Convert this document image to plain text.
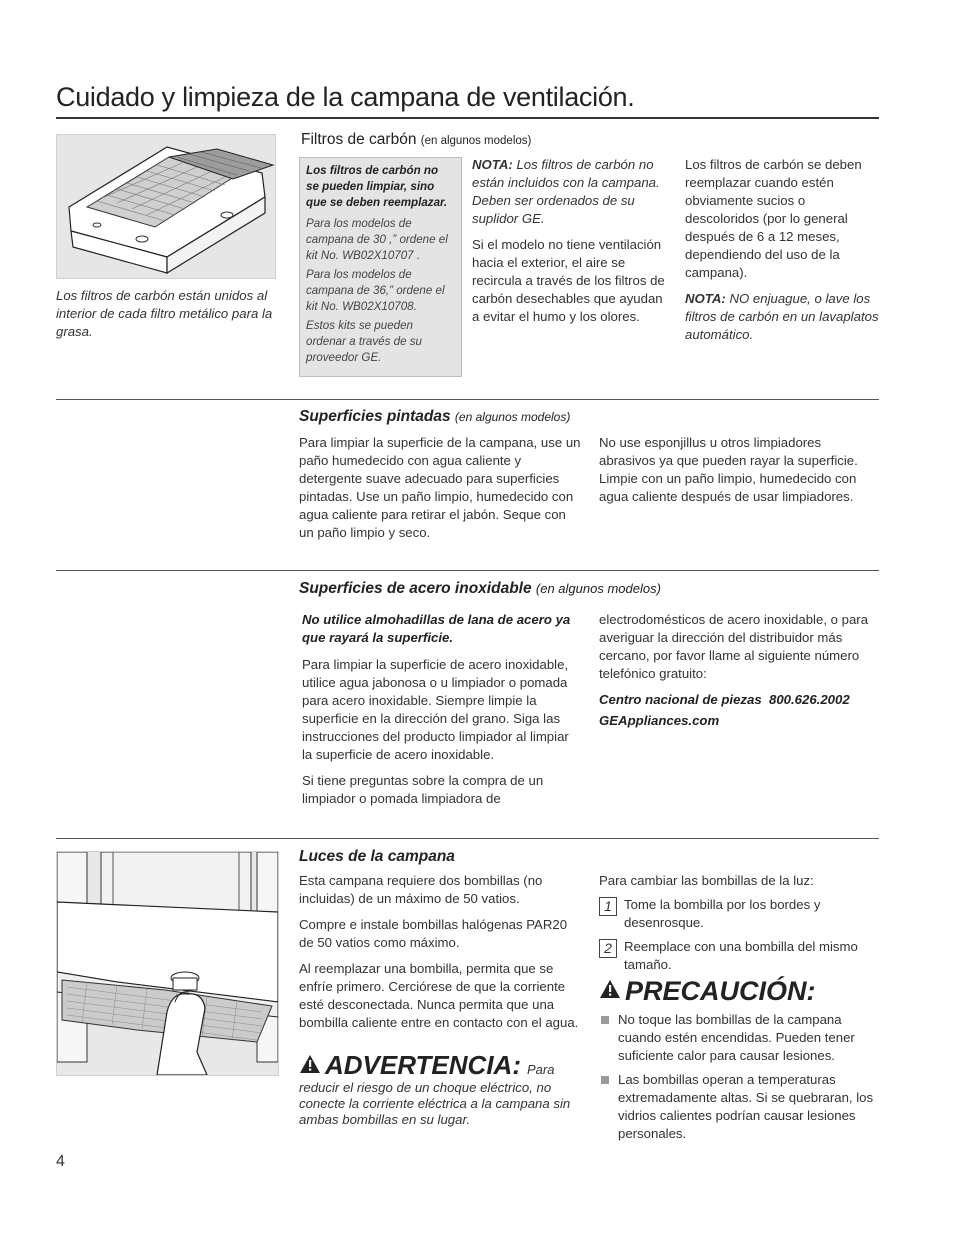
Cuidado y limpieza de la campana de ventilación.
Los filtros de carbón están unidos al interior de cada filtro metálico para la grasa.
Filtros de carbón (en algunos modelos)
Los filtros de carbón no se pueden limpiar, sino que se deben reemplazar.
Para los modelos de campana de 30 ,” ordene el kit No. WB02X10707 .
Para los modelos de campana de 36,” ordene el kit No. WB02X10708.
Estos kits se pueden ordenar a través de su proveedor GE.

NOTA: Los filtros de carbón no están incluidos con la campana. Deben ser ordenados de su suplidor GE.

Si el modelo no tiene ventilación hacia el exterior, el aire se recircula a través de los filtros de carbón desechables que ayudan a evitar el humo y los olores.

Los filtros de carbón se deben reemplazar cuando estén obviamente sucios o descoloridos (por lo general después de 6 a 12 meses, dependiendo del uso de la campana).

NOTA: NO enjuague, o lave los filtros de carbón en un lavaplatos automático.

Superficies pintadas (en algunos modelos)
Para limpiar la superficie de la campana, use un paño humedecido con agua caliente y detergente suave adecuado para superficies pintadas. Use un paño limpio, humedecido con agua caliente para retirar el jabón. Seque con un paño limpio y seco.
No use esponjillus u otros limpiadores abrasivos ya que pueden rayar la superficie. Limpie con un paño limpio, humedecido con agua caliente después de usar limpiadores.
Superficies de acero inoxidable (en algunos modelos)

No utilice almohadillas de lana de acero ya que rayará la superficie.

Para limpiar la superficie de acero inoxidable, utilice agua jabonosa o u limpiador o pomada para acero inoxidable. Siempre limpie la superficie en la dirección del grano. Siga las instrucciones del producto limpiador al limpiar la superficie de acero inoxidable.

Si tiene preguntas sobre la compra de un limpiador o pomada limpiadora de

electrodomésticos de acero inoxidable, o para averiguar la dirección del distribuidor más cercano, por favor llame al siguiente número telefónico gratuito:

Centro nacional de piezas 800.626.2002

GEAppliances.com

Luces de la campana

Esta campana requiere dos bombillas (no incluidas) de un máximo de 50 vatios.

Compre e instale bombillas halógenas PAR20 de 50 vatios como máximo.

Al reemplazar una bombilla, permita que se enfríe primero. Cerciórese de que la corriente esté desconectada. Nunca permita que una bombilla caliente entre en contacto con el agua.

ADVERTENCIA: Para
reducir el riesgo de un choque eléctrico, no conecte la corriente eléctrica a la campana sin ambas bombillas en su lugar.

Para cambiar las bombillas de la luz:

1 Tome la bombilla por los bordes y desenrosque.
2 Reemplace con una bombilla del mismo tamaño.
PRECAUCIÓN:
No toque las bombillas de la campana cuando estén encendidas. Pueden tener suficiente calor para causar lesiones.
Las bombillas operan a temperaturas extremadamente altas. Si se quebraran, los vidrios calientes podrían causar lesiones personales.
4
